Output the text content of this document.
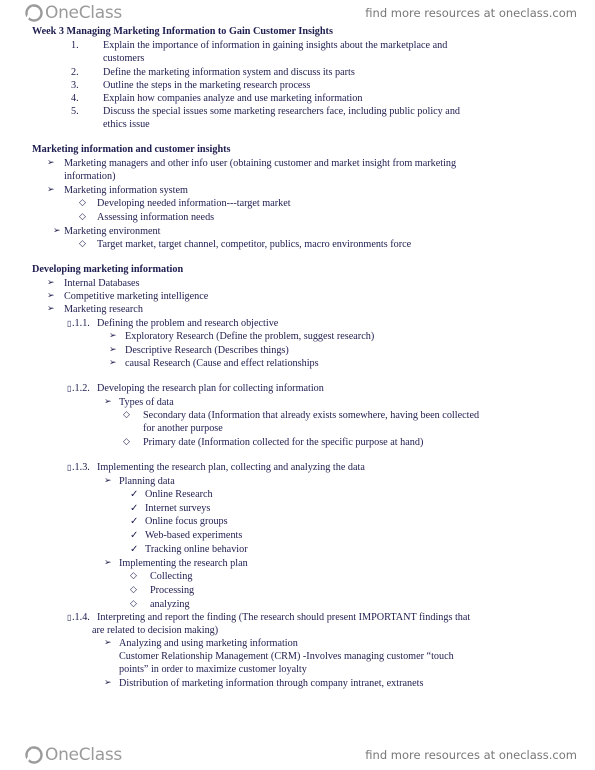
OneClass	find more resources at oneclass.com
Week 3 Managing Marketing Information to Gain Customer Insights
1. Explain the importance of information in gaining insights about the marketplace and
customers
2. Define the marketing information system and discuss its parts
3. Outline the steps in the marketing research process
4. Explain how companies analyze and use marketing information
5. Discuss the special issues some marketing researchers face, including public policy and
ethics issue
Marketing information and customer insights
➢ Marketing managers and other info user (obtaining customer and market insight from marketing
information)
➢ Marketing information system
◇ Developing needed information---target market
◇ Assessing information needs
➢ Marketing environment
◇ Target market, target channel, competitor, publics, macro environments force
Developing marketing information
➢ Internal Databases
➢ Competitive marketing intelligence
➢ Marketing research
▯ .1.1. Defining the problem and research objective
➢ Exploratory Research (Define the problem, suggest research)
➢ Descriptive Research (Describes things)
➢ causal Research (Cause and effect relationships
▯ .1.2. Developing the research plan for collecting information
➢ Types of data
◇ Secondary data (Information that already exists somewhere, having been collected
for another purpose
◇ Primary date (Information collected for the specific purpose at hand)
▯ .1.3. Implementing the research plan, collecting and analyzing the data
➢ Planning data
✓ Online Research
✓ Internet surveys
✓ Online focus groups
✓ Web-based experiments
✓ Tracking online behavior
➢ Implementing the research plan
◇ Collecting
◇ Processing
◇ analyzing
▯ .1.4. Interpreting and report the finding (The research should present IMPORTANT findings that
are related to decision making)
➢ Analyzing and using marketing information
Customer Relationship Management (CRM) -Involves managing customer “touch
points” in order to maximize customer loyalty
➢ Distribution of marketing information through company intranet, extranets
OneClass	find more resources at oneclass.com
